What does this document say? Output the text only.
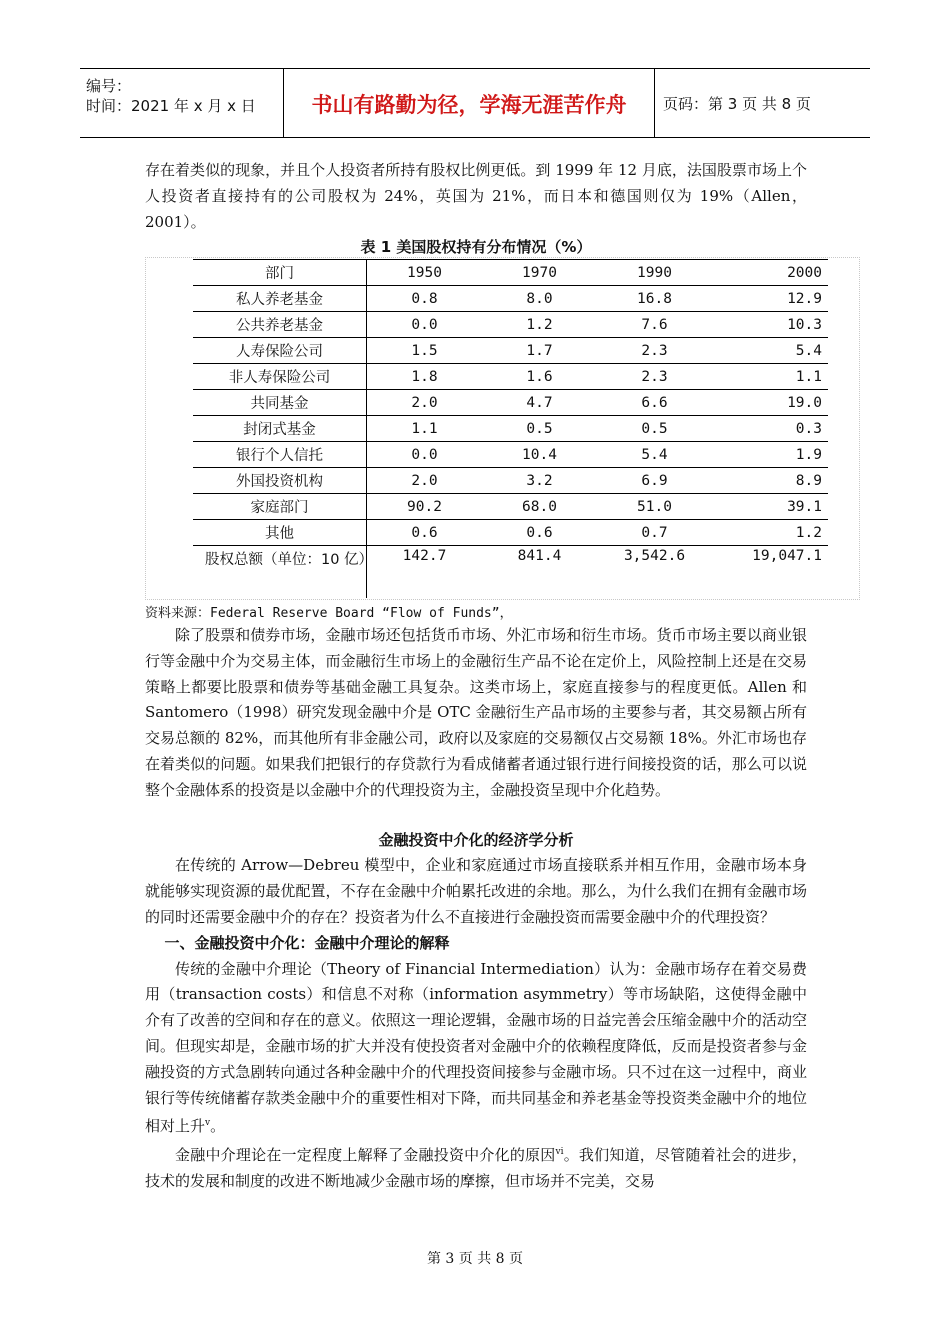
编号：
时间：2021 年 x 月 x 日	书山有路勤为径，学海无涯苦作舟	页码：第 3 页 共 8 页

存在着类似的现象，并且个人投资者所持有股权比例更低。到 1999 年 12 月底，法国股票市场上个人投资者直接持有的公司股权为 24%，英国为 21%，而日本和德国则仅为 19%（Allen，2001）。

表 1 美国股权持有分布情况（%）
部门	1950	1970	1990	2000
私人养老基金	0.8	8.0	16.8	12.9
公共养老基金	0.0	1.2	7.6	10.3
人寿保险公司	1.5	1.7	2.3	5.4
非人寿保险公司	1.8	1.6	2.3	1.1
共同基金	2.0	4.7	6.6	19.0
封闭式基金	1.1	0.5	0.5	0.3
银行个人信托	0.0	10.4	5.4	1.9
外国投资机构	2.0	3.2	6.9	8.9
家庭部门	90.2	68.0	51.0	39.1
其他	0.6	0.6	0.7	1.2
股权总额（单位：10 亿）	142.7	841.4	3,542.6	19,047.1
资料来源：Federal Reserve Board “Flow of Funds”，

除了股票和债券市场，金融市场还包括货币市场、外汇市场和衍生市场。货币市场主要以商业银行等金融中介为交易主体，而金融衍生市场上的金融衍生产品不论在定价上，风险控制上还是在交易策略上都要比股票和债券等基础金融工具复杂。这类市场上，家庭直接参与的程度更低。Allen 和 Santomero（1998）研究发现金融中介是 OTC 金融衍生产品市场的主要参与者，其交易额占所有交易总额的 82%，而其他所有非金融公司，政府以及家庭的交易额仅占交易额 18%。外汇市场也存在着类似的问题。如果我们把银行的存贷款行为看成储蓄者通过银行进行间接投资的话，那么可以说整个金融体系的投资是以金融中介的代理投资为主，金融投资呈现中介化趋势。

金融投资中介化的经济学分析

在传统的 Arrow—Debreu 模型中，企业和家庭通过市场直接联系并相互作用，金融市场本身就能够实现资源的最优配置，不存在金融中介帕累托改进的余地。那么，为什么我们在拥有金融市场的同时还需要金融中介的存在？投资者为什么不直接进行金融投资而需要金融中介的代理投资？

一、金融投资中介化：金融中介理论的解释

传统的金融中介理论（Theory of Financial Intermediation）认为：金融市场存在着交易费用（transaction costs）和信息不对称（information asymmetry）等市场缺陷，这使得金融中介有了改善的空间和存在的意义。依照这一理论逻辑，金融市场的日益完善会压缩金融中介的活动空间。但现实却是，金融市场的扩大并没有使投资者对金融中介的依赖程度降低，反而是投资者参与金融投资的方式急剧转向通过各种金融中介的代理投资间接参与金融市场。只不过在这一过程中，商业银行等传统储蓄存款类金融中介的重要性相对下降，而共同基金和养老基金等投资类金融中介的地位相对上升$^v$。

金融中介理论在一定程度上解释了金融投资中介化的原因$^{vi}$。我们知道，尽管随着社会的进步，技术的发展和制度的改进不断地减少金融市场的摩擦，但市场并不完美，交易

第 3 页 共 8 页
